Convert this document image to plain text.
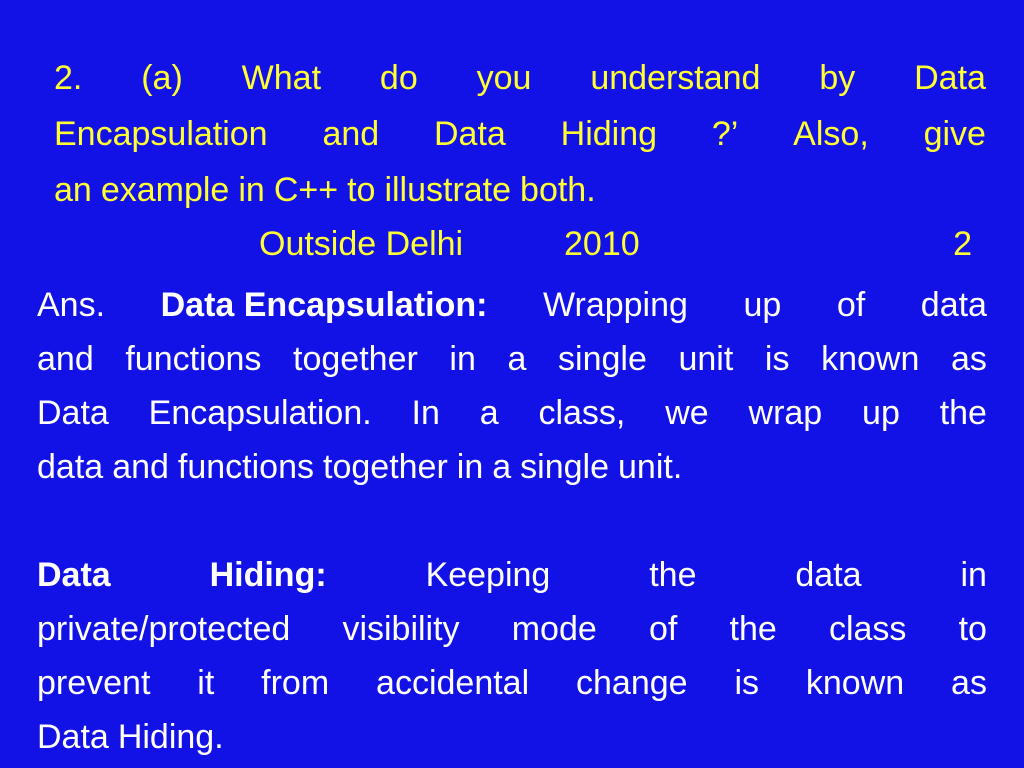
2. (a) What do you understand by Data
Encapsulation and Data Hiding ?’ Also, give
an example in C++ to illustrate both.
Outside Delhi	2010	2
Ans. Data Encapsulation: Wrapping up of data
and functions together in a single unit is known as
Data Encapsulation. In a class, we wrap up the
data and functions together in a single unit.
Data	Hiding:	Keeping	the	data	in
private/protected visibility mode of the class to
prevent it from accidental change is known as
Data Hiding.
